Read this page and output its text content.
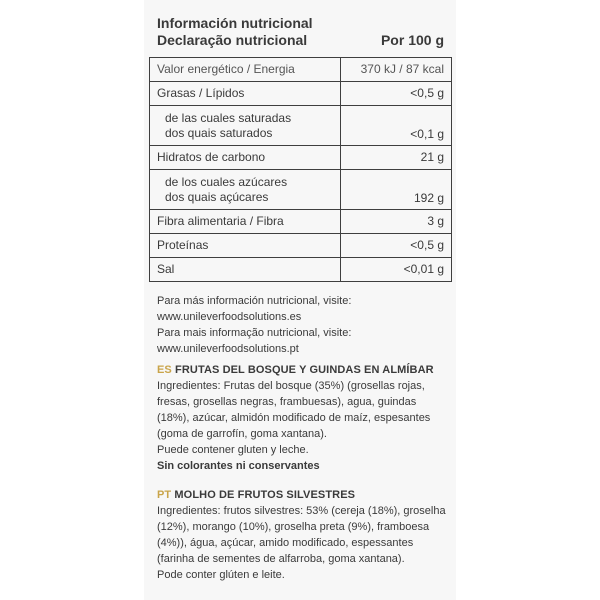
Información nutricional
Declaração nutricional	Por 100 g
Valor energético / Energia	370 kJ / 87 kcal
Grasas / Lípidos	<0,5 g

de las cuales saturadas
dos quais saturados	<0,1 g
Hidratos de carbono	21 g

de los cuales azúcares
dos quais açúcares	192 g
Fibra alimentaria / Fibra	3 g
Proteínas	<0,5 g
Sal	<0,01 g
Para más información nutricional, visite:
www.unileverfoodsolutions.es
Para mais informação nutricional, visite:
www.unileverfoodsolutions.pt
ES FRUTAS DEL BOSQUE Y GUINDAS EN ALMÍBAR
Ingredientes: Frutas del bosque (35%) (grosellas rojas,
fresas, grosellas negras, frambuesas), agua, guindas
(18%), azúcar, almidón modificado de maíz, espesantes
(goma de garrofín, goma xantana).
Puede contener gluten y leche.
Sin colorantes ni conservantes
PT MOLHO DE FRUTOS SILVESTRES
Ingredientes: frutos silvestres: 53% (cereja (18%), groselha
(12%), morango (10%), groselha preta (9%), framboesa
(4%)), água, açúcar, amido modificado, espessantes
(farinha de sementes de alfarroba, goma xantana).
Pode conter glúten e leite.
